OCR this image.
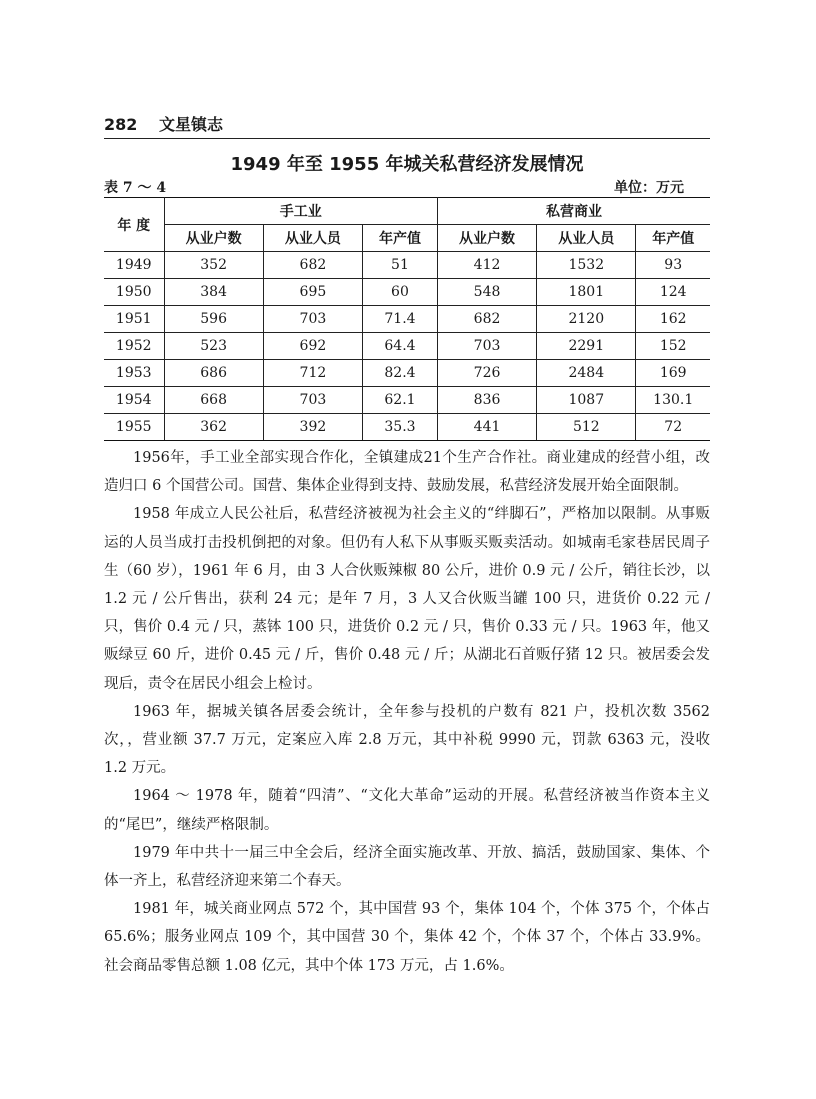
282 文星镇志
1949 年至 1955 年城关私营经济发展情况
表 7 ～ 4	单位：万元
年 度	手工业			私营商业		
	从业户数	从业人员	年产值	从业户数	从业人员	年产值
1949	352	682	51	412	1532	93
1950	384	695	60	548	1801	124
1951	596	703	71.4	682	2120	162
1952	523	692	64.4	703	2291	152
1953	686	712	82.4	726	2484	169
1954	668	703	62.1	836	1087	130.1
1955	362	392	35.3	441	512	72

1956年，手工业全部实现合作化，全镇建成21个生产合作社。商业建成的经营小组，改造归口 6 个国营公司。国营、集体企业得到支持、鼓励发展，私营经济发展开始全面限制。

1958 年成立人民公社后，私营经济被视为社会主义的“绊脚石”，严格加以限制。从事贩运的人员当成打击投机倒把的对象。但仍有人私下从事贩买贩卖活动。如城南毛家巷居民周子生（60 岁），1961 年 6 月，由 3 人合伙贩辣椒 80 公斤，进价 0.9 元 / 公斤，销往长沙，以 1.2 元 / 公斤售出，获利 24 元；是年 7 月，3 人又合伙贩当罐 100 只，进货价 0.22 元 / 只，售价 0.4 元 / 只，蒸钵 100 只，进货价 0.2 元 / 只，售价 0.33 元 / 只。1963 年，他又贩绿豆 60 斤，进价 0.45 元 / 斤，售价 0.48 元 / 斤；从湖北石首贩仔猪 12 只。被居委会发现后，责令在居民小组会上检讨。

1963 年，据城关镇各居委会统计，全年参与投机的户数有 821 户，投机次数 3562 次，，营业额 37.7 万元，定案应入库 2.8 万元，其中补税 9990 元，罚款 6363 元，没收 1.2 万元。

1964 ～ 1978 年，随着“四清”、“文化大革命”运动的开展。私营经济被当作资本主义的“尾巴”，继续严格限制。

1979 年中共十一届三中全会后，经济全面实施改革、开放、搞活，鼓励国家、集体、个体一齐上，私营经济迎来第二个春天。

1981 年，城关商业网点 572 个，其中国营 93 个，集体 104 个，个体 375 个，个体占 65.6%；服务业网点 109 个，其中国营 30 个，集体 42 个，个体 37 个，个体占 33.9%。社会商品零售总额 1.08 亿元，其中个体 173 万元，占 1.6%。
